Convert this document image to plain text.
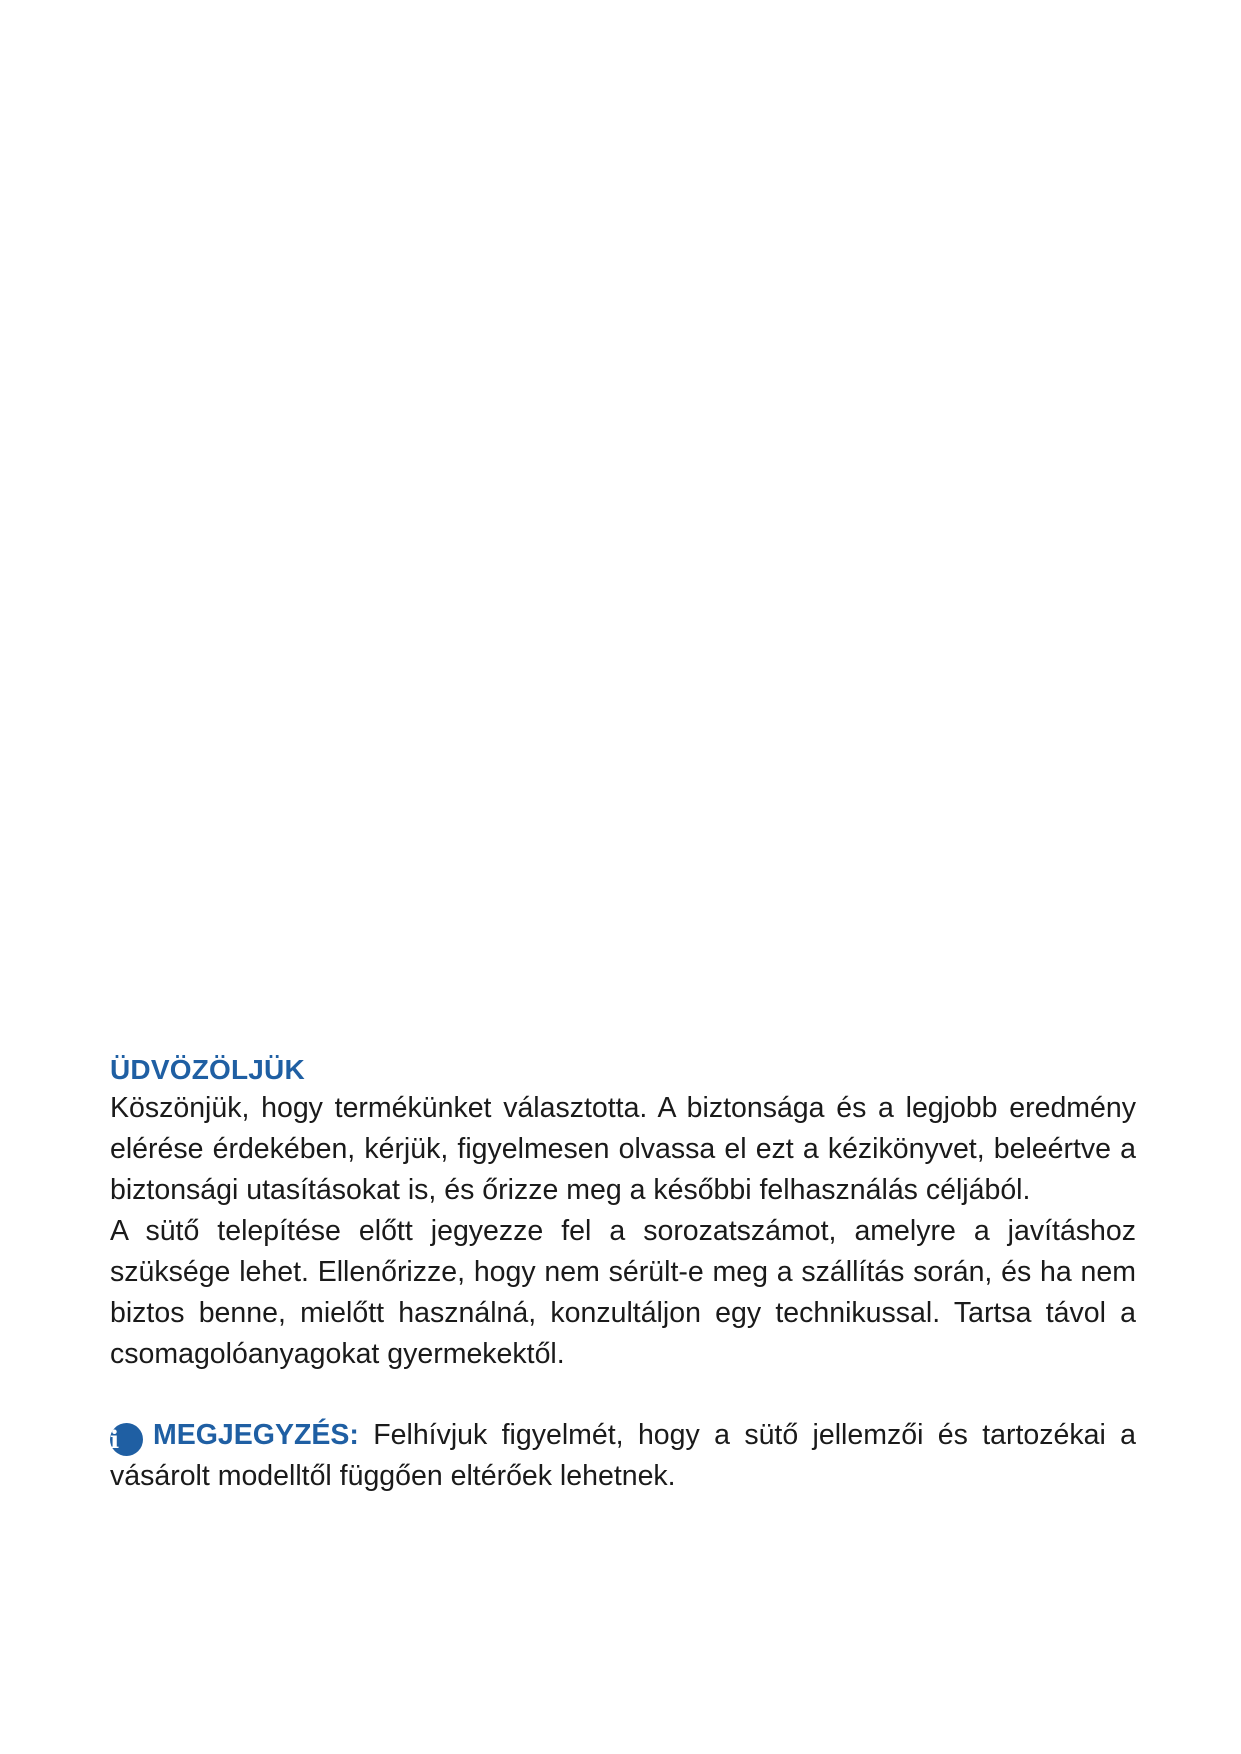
ÜDVÖZÖLJÜK

Köszönjük, hogy termékünket választotta. A biztonsága és a legjobb eredmény elérése érdekében, kérjük, figyelmesen olvassa el ezt a kézikönyvet, beleértve a biztonsági utasításokat is, és őrizze meg a későbbi felhasználás céljából.

A sütő telepítése előtt jegyezze fel a sorozatszámot, amelyre a javításhoz szüksége lehet. Ellenőrizze, hogy nem sérült-e meg a szállítás során, és ha nem biztos benne, mielőtt használná, konzultáljon egy technikussal. Tartsa távol a csomagolóanyagokat gyermekektől.

i MEGJEGYZÉS: Felhívjuk figyelmét, hogy a sütő jellemzői és tartozékai a vásárolt modelltől függően eltérőek lehetnek.
